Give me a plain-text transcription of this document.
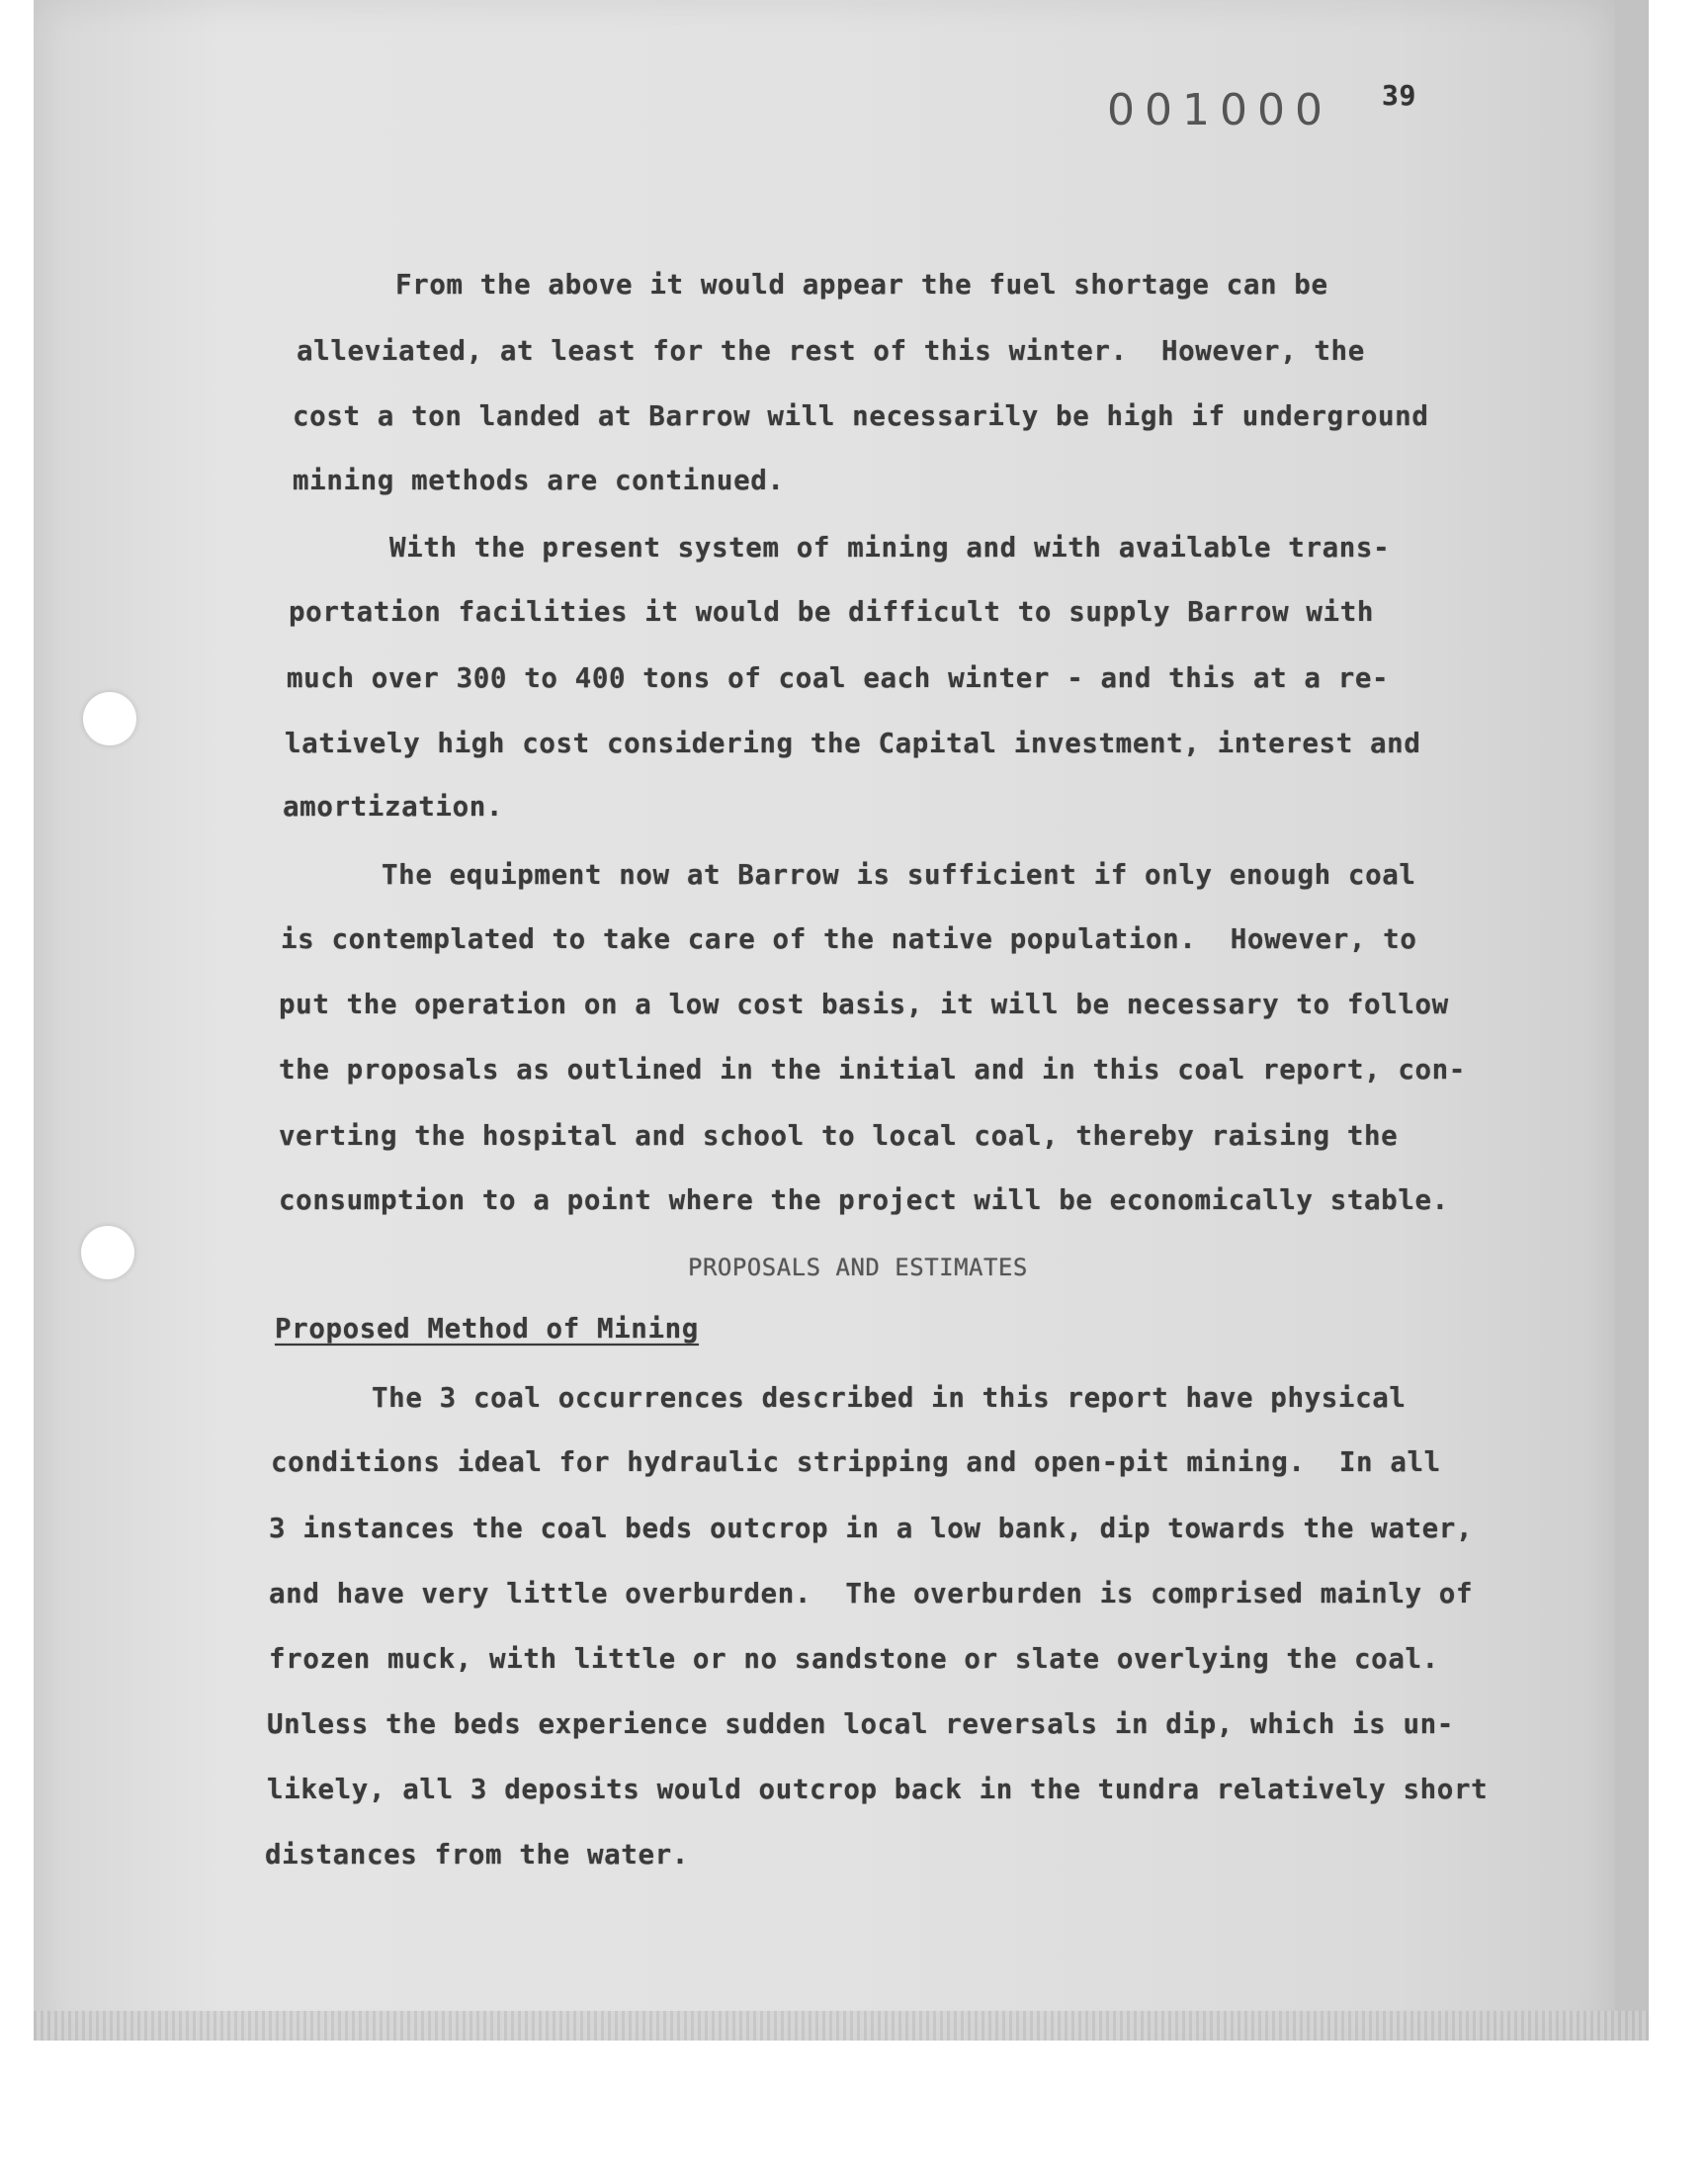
001000 39
From the above it would appear the fuel shortage can be
alleviated, at least for the rest of this winter.  However, the
cost a ton landed at Barrow will necessarily be high if underground
mining methods are continued.
With the present system of mining and with available trans-
portation facilities it would be difficult to supply Barrow with
much over 300 to 400 tons of coal each winter - and this at a re-
latively high cost considering the Capital investment, interest and
amortization.
The equipment now at Barrow is sufficient if only enough coal
is contemplated to take care of the native population.  However, to
put the operation on a low cost basis, it will be necessary to follow
the proposals as outlined in the initial and in this coal report, con-
verting the hospital and school to local coal, thereby raising the
consumption to a point where the project will be economically stable.
PROPOSALS AND ESTIMATES
Proposed Method of Mining
The 3 coal occurrences described in this report have physical
conditions ideal for hydraulic stripping and open-pit mining.  In all
3 instances the coal beds outcrop in a low bank, dip towards the water,
and have very little overburden.  The overburden is comprised mainly of
frozen muck, with little or no sandstone or slate overlying the coal.
Unless the beds experience sudden local reversals in dip, which is un-
likely, all 3 deposits would outcrop back in the tundra relatively short
distances from the water.
